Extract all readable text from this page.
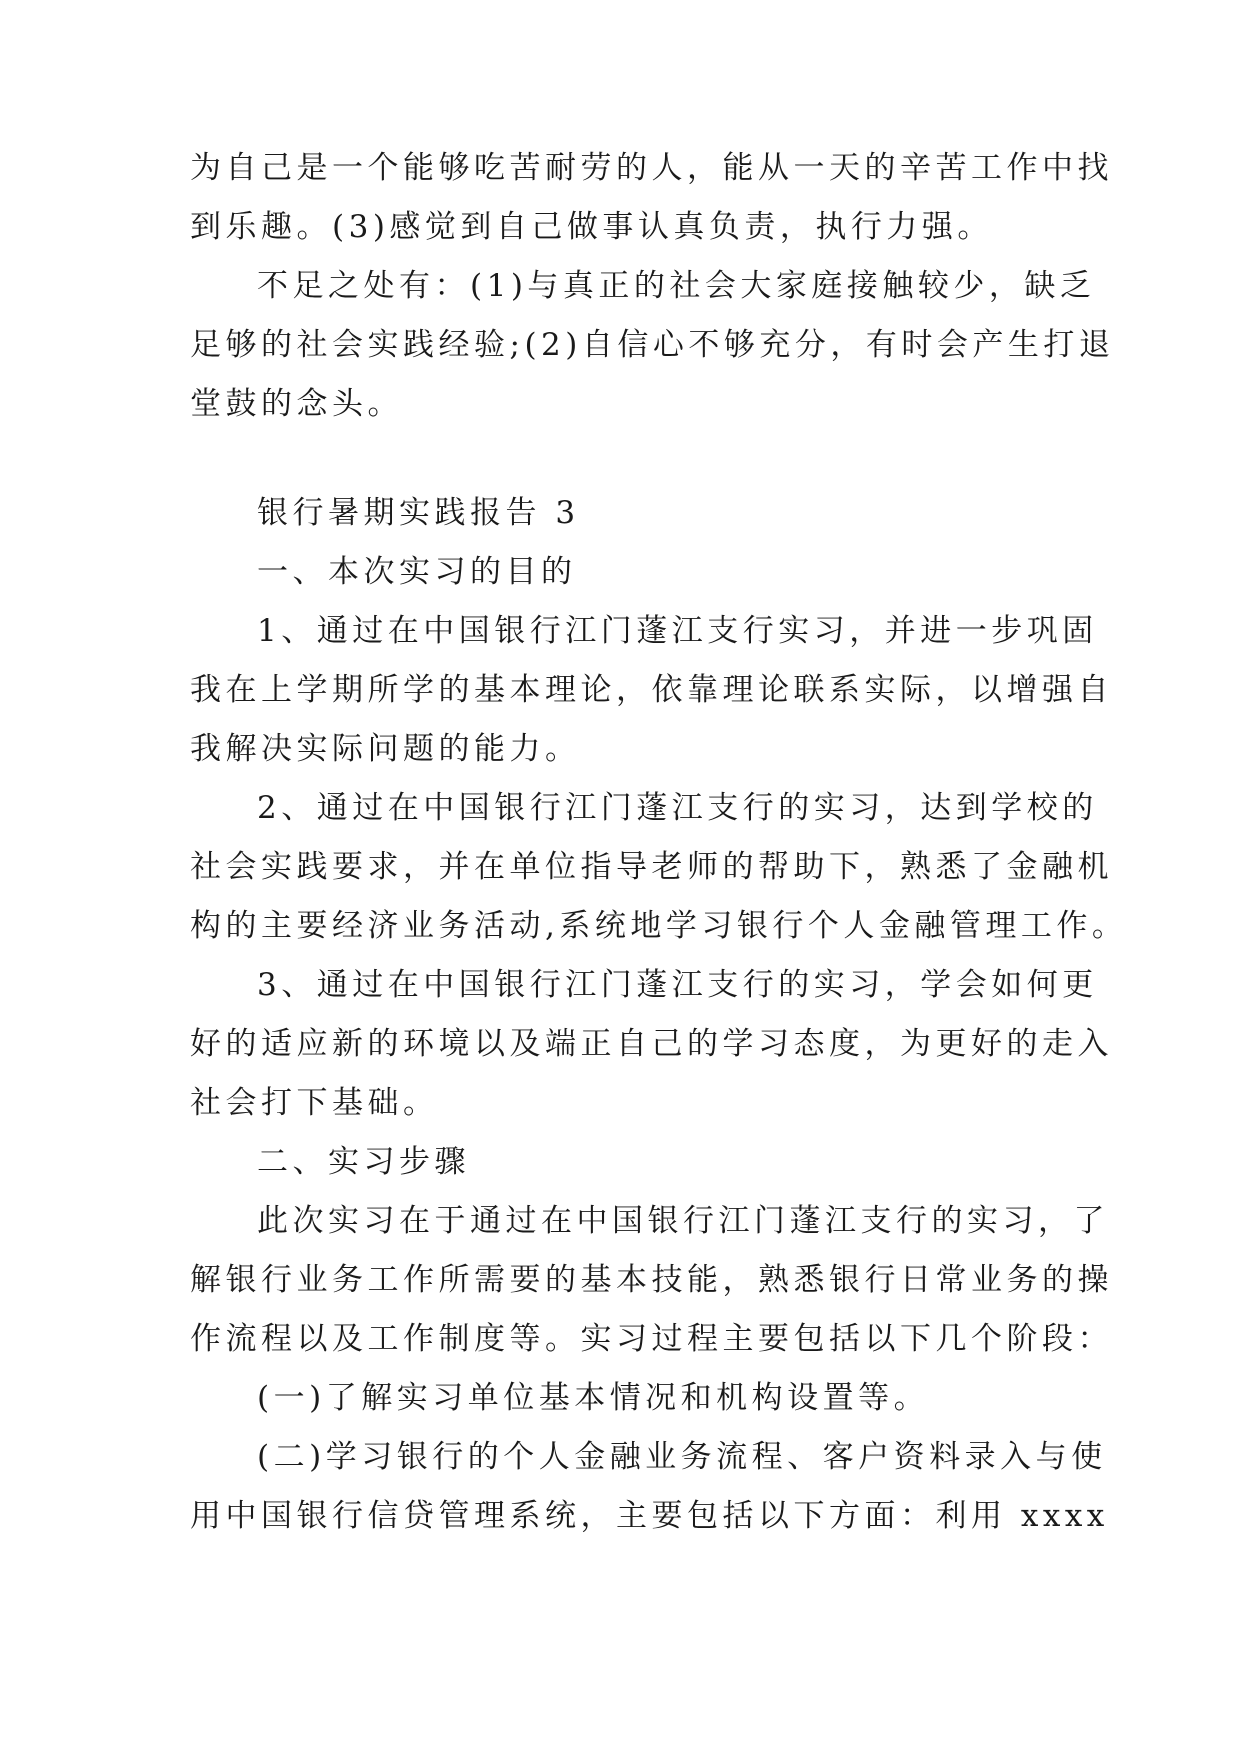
为自己是一个能够吃苦耐劳的人，能从一天的辛苦工作中找
到乐趣。(3)感觉到自己做事认真负责，执行力强。
不足之处有：(1)与真正的社会大家庭接触较少，缺乏
足够的社会实践经验;(2)自信心不够充分，有时会产生打退
堂鼓的念头。
银行暑期实践报告 3
一、本次实习的目的
1、通过在中国银行江门蓬江支行实习，并进一步巩固
我在上学期所学的基本理论，依靠理论联系实际，以增强自
我解决实际问题的能力。
2、通过在中国银行江门蓬江支行的实习，达到学校的
社会实践要求，并在单位指导老师的帮助下，熟悉了金融机
构的主要经济业务活动,系统地学习银行个人金融管理工作。
3、通过在中国银行江门蓬江支行的实习，学会如何更
好的适应新的环境以及端正自己的学习态度，为更好的走入
社会打下基础。
二、实习步骤
此次实习在于通过在中国银行江门蓬江支行的实习，了
解银行业务工作所需要的基本技能，熟悉银行日常业务的操
作流程以及工作制度等。实习过程主要包括以下几个阶段：
(一)了解实习单位基本情况和机构设置等。
(二)学习银行的个人金融业务流程、客户资料录入与使
用中国银行信贷管理系统，主要包括以下方面：利用 xxxx
